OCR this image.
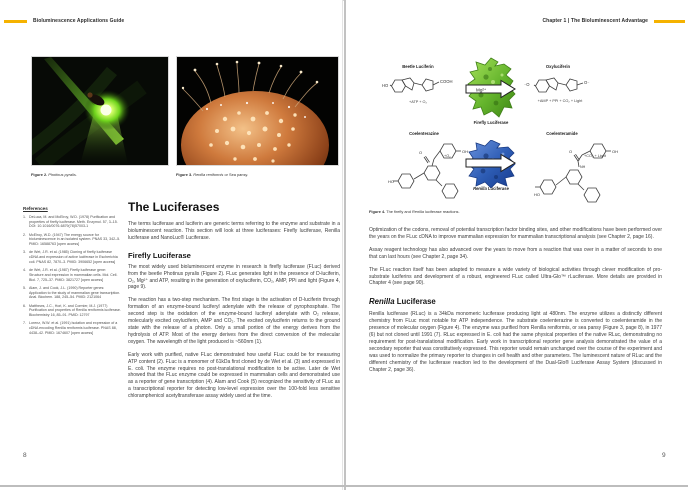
Bioluminescence Applications Guide
Figure 2. Photinus pyralis.	Figure 3. Renilla reniformis or Sea pansy.
References
1. DeLuca, M. and McElroy, W.D. (1978) Purification and properties of firefly luciferase. Meth. Enzymol. 57, 3–15. DOI: 10.1016/0076-6879(78)57003-1
2. McElroy, W.D. (1947) The energy source for bioluminescence in an isolated system. PNAS 33, 342–5. PMID: 16588763 [open access]
3. de Wet, J.R. et al. (1985) Cloning of firefly luciferase cDNA and expression of active luciferase in Escherichia coli. PNAS 82, 7870–3. PMID: 3906652 [open access]
4. de Wet, J.R. et al. (1987) Firefly luciferase gene: Structure and expression in mammalian cells. Mol. Cell. Biol. 7, 725–37. PMID: 3821727 [open access]
5. Alam, J. and Cook, J.L. (1990) Reporter genes: Application to the study of mammalian gene transcription. Anal. Biochem. 188, 245–54. PMID: 2121064
6. Matthews, J.C., Hori, K. and Cormier, M.J. (1977) Purification and properties of Renilla reniformis luciferase. Biochemistry 16, 85–91. PMID: 12797
7. Lorenz, W.W. et al. (1991) Isolation and expression of a cDNA encoding Renilla reniformis luciferase. PNAS 88, 4438–42. PMID: 1674607 [open access]
The Luciferases

The terms luciferase and luciferin are generic terms referring to the enzyme and substrate in a bioluminescent reaction. This section will look at three luciferases: Firefly luciferase, Renilla luciferase and NanoLuc® Luciferase.

Firefly Luciferase

The most widely used bioluminescent enzyme in research is firefly luciferase (FLuc) derived from the beetle Photinus pyralis (Figure 2). FLuc generates light in the presence of D-luciferin, O₂, Mg²⁺ and ATP, resulting in the generation of oxyluciferin, CO₂, AMP, PPi and light (Figure 4, page 9).

The reaction has a two-step mechanism. The first stage is the activation of D-luciferin through formation of an enzyme-bound luciferyl adenylate with the release of pyrophosphate. The second step is the oxidation of the enzyme-bound luciferyl adenylate with O₂ release, molecularly excited oxyluciferin, AMP and CO₂. The excited oxyluciferin returns to the ground state with the release of a photon. Only a small portion of the energy derives from the hydrolysis of ATP. Most of the energy derives from the direct conversion of the molecular oxygen. The wavelength of the light produced is ~560nm (1).

Early work with purified, native FLuc demonstrated how useful FLuc could be for measuring ATP content (2). FLuc is a monomer of 61kDa first cloned by de Wet et al. (3) and expressed in E. coli. The enzyme requires no post-translational modification to be active. Later de Wet showed that the FLuc enzyme could be expressed in mammalian cells and demonstrated use as a reporter of gene transcription (4). Alam and Cook (5) recognized the sensitivity of FLuc as a transcriptional reporter for detecting low-level expression over the 100-fold less sensitive chloramphenicol acetyltransferase assay widely used at the time.

8
Chapter 1 | The Bioluminescent Advantage
Beetle Luciferin	Oxyluciferin
HO
COOH
+ATP + O₂
⁻O	O⁻
+AMP + PPi + CO₂ + Light
Mg²⁺
Firefly Luciferase
Coelenterazine	Coelenteramide
O	OH
HO
+O₂
O	OH
NH
HO
+CO₂ + Light
Renilla Luciferase
Figure 4. The firefly and Renilla luciferase reactions.

Optimization of the codons, removal of potential transcription factor binding sites, and other modifications have been performed over the years on the FLuc cDNA to improve mammalian expression for mammalian transcriptional analysis (see Chapter 2, page 16).

Assay reagent technology has also advanced over the years to move from a reaction that was over in a matter of seconds to one that can last hours (see Chapter 2, page 34).

The FLuc reaction itself has been adapted to measure a wide variety of biological activities through clever modification of pro-substrate luciferins and development of a robust, engineered FLuc called Ultra-Glo™ rLuciferase. More details are provided in Chapter 4 (see page 90).

Renilla Luciferase

Renilla luciferase (RLuc) is a 34kDa monomeric luciferase producing light at 480nm. The enzyme utilizes a distinctly different chemistry from FLuc most notable for ATP independence. The substrate coelenterazine is converted to coelenteramide in the presence of molecular oxygen (Figure 4). The enzyme was purified from Renilla reniformis, or sea pansy (Figure 3, page 8), in 1977 (6) but not cloned until 1991 (7). RLuc expressed in E. coli had the same physical properties of the native RLuc, demonstrating no requirement for post-translational modification. Early work in transcriptional reporter gene analysis demonstrated the value of a secondary reporter that was constitutively expressed. This reporter would remain unchanged over the course of the experiment and was used to normalize the primary reporter to changes in cell health and other parameters. The luminescent nature of RLuc and the different chemistry of the luciferase reaction led to the development of the Dual-Glo® Luciferase Assay System (discussed in Chapter 2, page 36).

9
